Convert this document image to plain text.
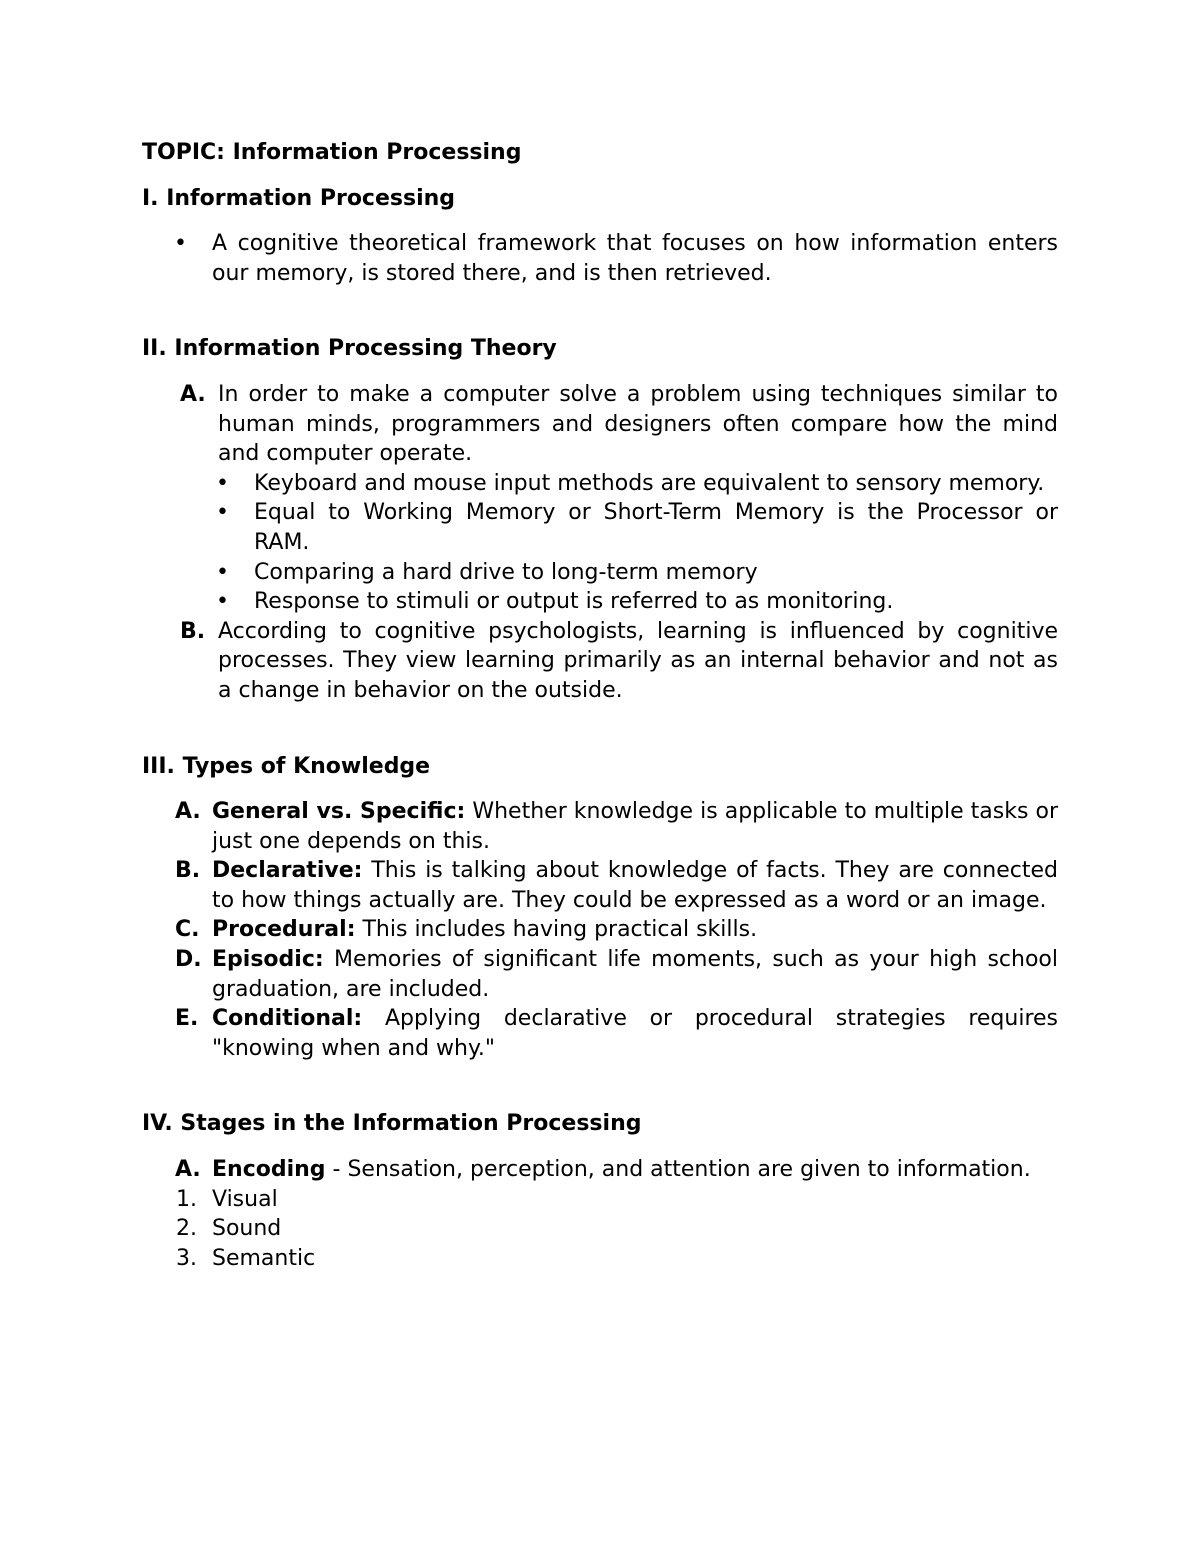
TOPIC: Information Processing

I. Information Processing

• A cognitive theoretical framework that focuses on how information enters our memory, is stored there, and is then retrieved.

II. Information Processing Theory

A. In order to make a computer solve a problem using techniques similar to human minds, programmers and designers often compare how the mind and computer operate.
• Keyboard and mouse input methods are equivalent to sensory memory.
• Equal to Working Memory or Short-Term Memory is the Processor or RAM.
• Comparing a hard drive to long-term memory
• Response to stimuli or output is referred to as monitoring.
B. According to cognitive psychologists, learning is influenced by cognitive processes. They view learning primarily as an internal behavior and not as a change in behavior on the outside.

III. Types of Knowledge

A. General vs. Specific: Whether knowledge is applicable to multiple tasks or just one depends on this.
B. Declarative: This is talking about knowledge of facts. They are connected to how things actually are. They could be expressed as a word or an image.
C. Procedural: This includes having practical skills.
D. Episodic: Memories of significant life moments, such as your high school graduation, are included.
E. Conditional: Applying declarative or procedural strategies requires "knowing when and why."

IV. Stages in the Information Processing

A. Encoding - Sensation, perception, and attention are given to information.
1. Visual
2. Sound
3. Semantic
